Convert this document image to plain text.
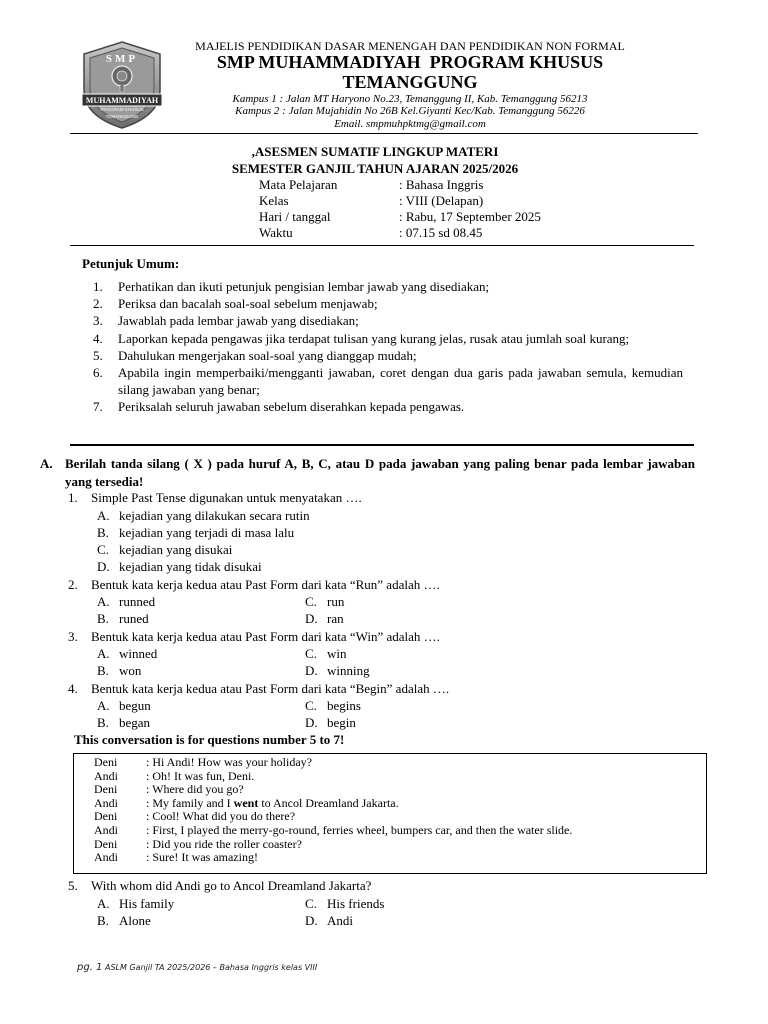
SMP
MUHAMMADIYAH
PROGRAM KHUSUS
TEMANGGUNG
MAJELIS PENDIDIKAN DASAR MENENGAH DAN PENDIDIKAN NON FORMAL
SMP MUHAMMADIYAH  PROGRAM KHUSUS
TEMANGGUNG
Kampus 1 : Jalan MT Haryono No.23, Temanggung II, Kab. Temanggung 56213
Kampus 2 : Jalan Mujahidin No 26B Kel.Giyanti Kec/Kab. Temanggung 56226
Email. smpmuhpktmg@gmail.com
,ASESMEN SUMATIF LINGKUP MATERI
SEMESTER GANJIL TAHUN AJARAN 2025/2026
Mata Pelajaran	: Bahasa Inggris
Kelas	: VIII (Delapan)
Hari / tanggal	: Rabu, 17 September 2025
Waktu	: 07.15 sd 08.45
Petunjuk Umum:
1.	Perhatikan dan ikuti petunjuk pengisian lembar jawab yang disediakan;
2.	Periksa dan bacalah soal-soal sebelum menjawab;
3.	Jawablah pada lembar jawab yang disediakan;
4.	Laporkan kepada pengawas jika terdapat tulisan yang kurang jelas, rusak atau jumlah soal kurang;
5.	Dahulukan mengerjakan soal-soal yang dianggap mudah;
6.	Apabila ingin memperbaiki/mengganti jawaban, coret dengan dua garis pada jawaban semula, kemudian silang jawaban yang benar;
7.	Periksalah seluruh jawaban sebelum diserahkan kepada pengawas.
A. Berilah tanda silang ( X ) pada huruf A, B, C, atau D pada jawaban yang paling benar pada lembar jawaban yang tersedia!
1. Simple Past Tense digunakan untuk menyatakan ….
A. kejadian yang dilakukan secara rutin
B. kejadian yang terjadi di masa lalu
C. kejadian yang disukai
D. kejadian yang tidak disukai
2. Bentuk kata kerja kedua atau Past Form dari kata “Run” adalah ….
A. runned	C. run
B. runed	D. ran
3. Bentuk kata kerja kedua atau Past Form dari kata “Win” adalah ….
A. winned	C. win
B. won	D. winning
4. Bentuk kata kerja kedua atau Past Form dari kata “Begin” adalah ….
A. begun	C. begins
B. began	D. begin
This conversation is for questions number 5 to 7!
Deni	: Hi Andi! How was your holiday?
Andi	: Oh! It was fun, Deni.
Deni	: Where did you go?
Andi	: My family and I went to Ancol Dreamland Jakarta.
Deni	: Cool! What did you do there?
Andi	: First, I played the merry-go-round, ferries wheel, bumpers car, and then the water slide.
Deni	: Did you ride the roller coaster?
Andi	: Sure! It was amazing!
5. With whom did Andi go to Ancol Dreamland Jakarta?
A. His family	C. His friends
B. Alone	D. Andi
pg. 1 ASLM Ganjil TA 2025/2026 – Bahasa Inggris kelas VIII
